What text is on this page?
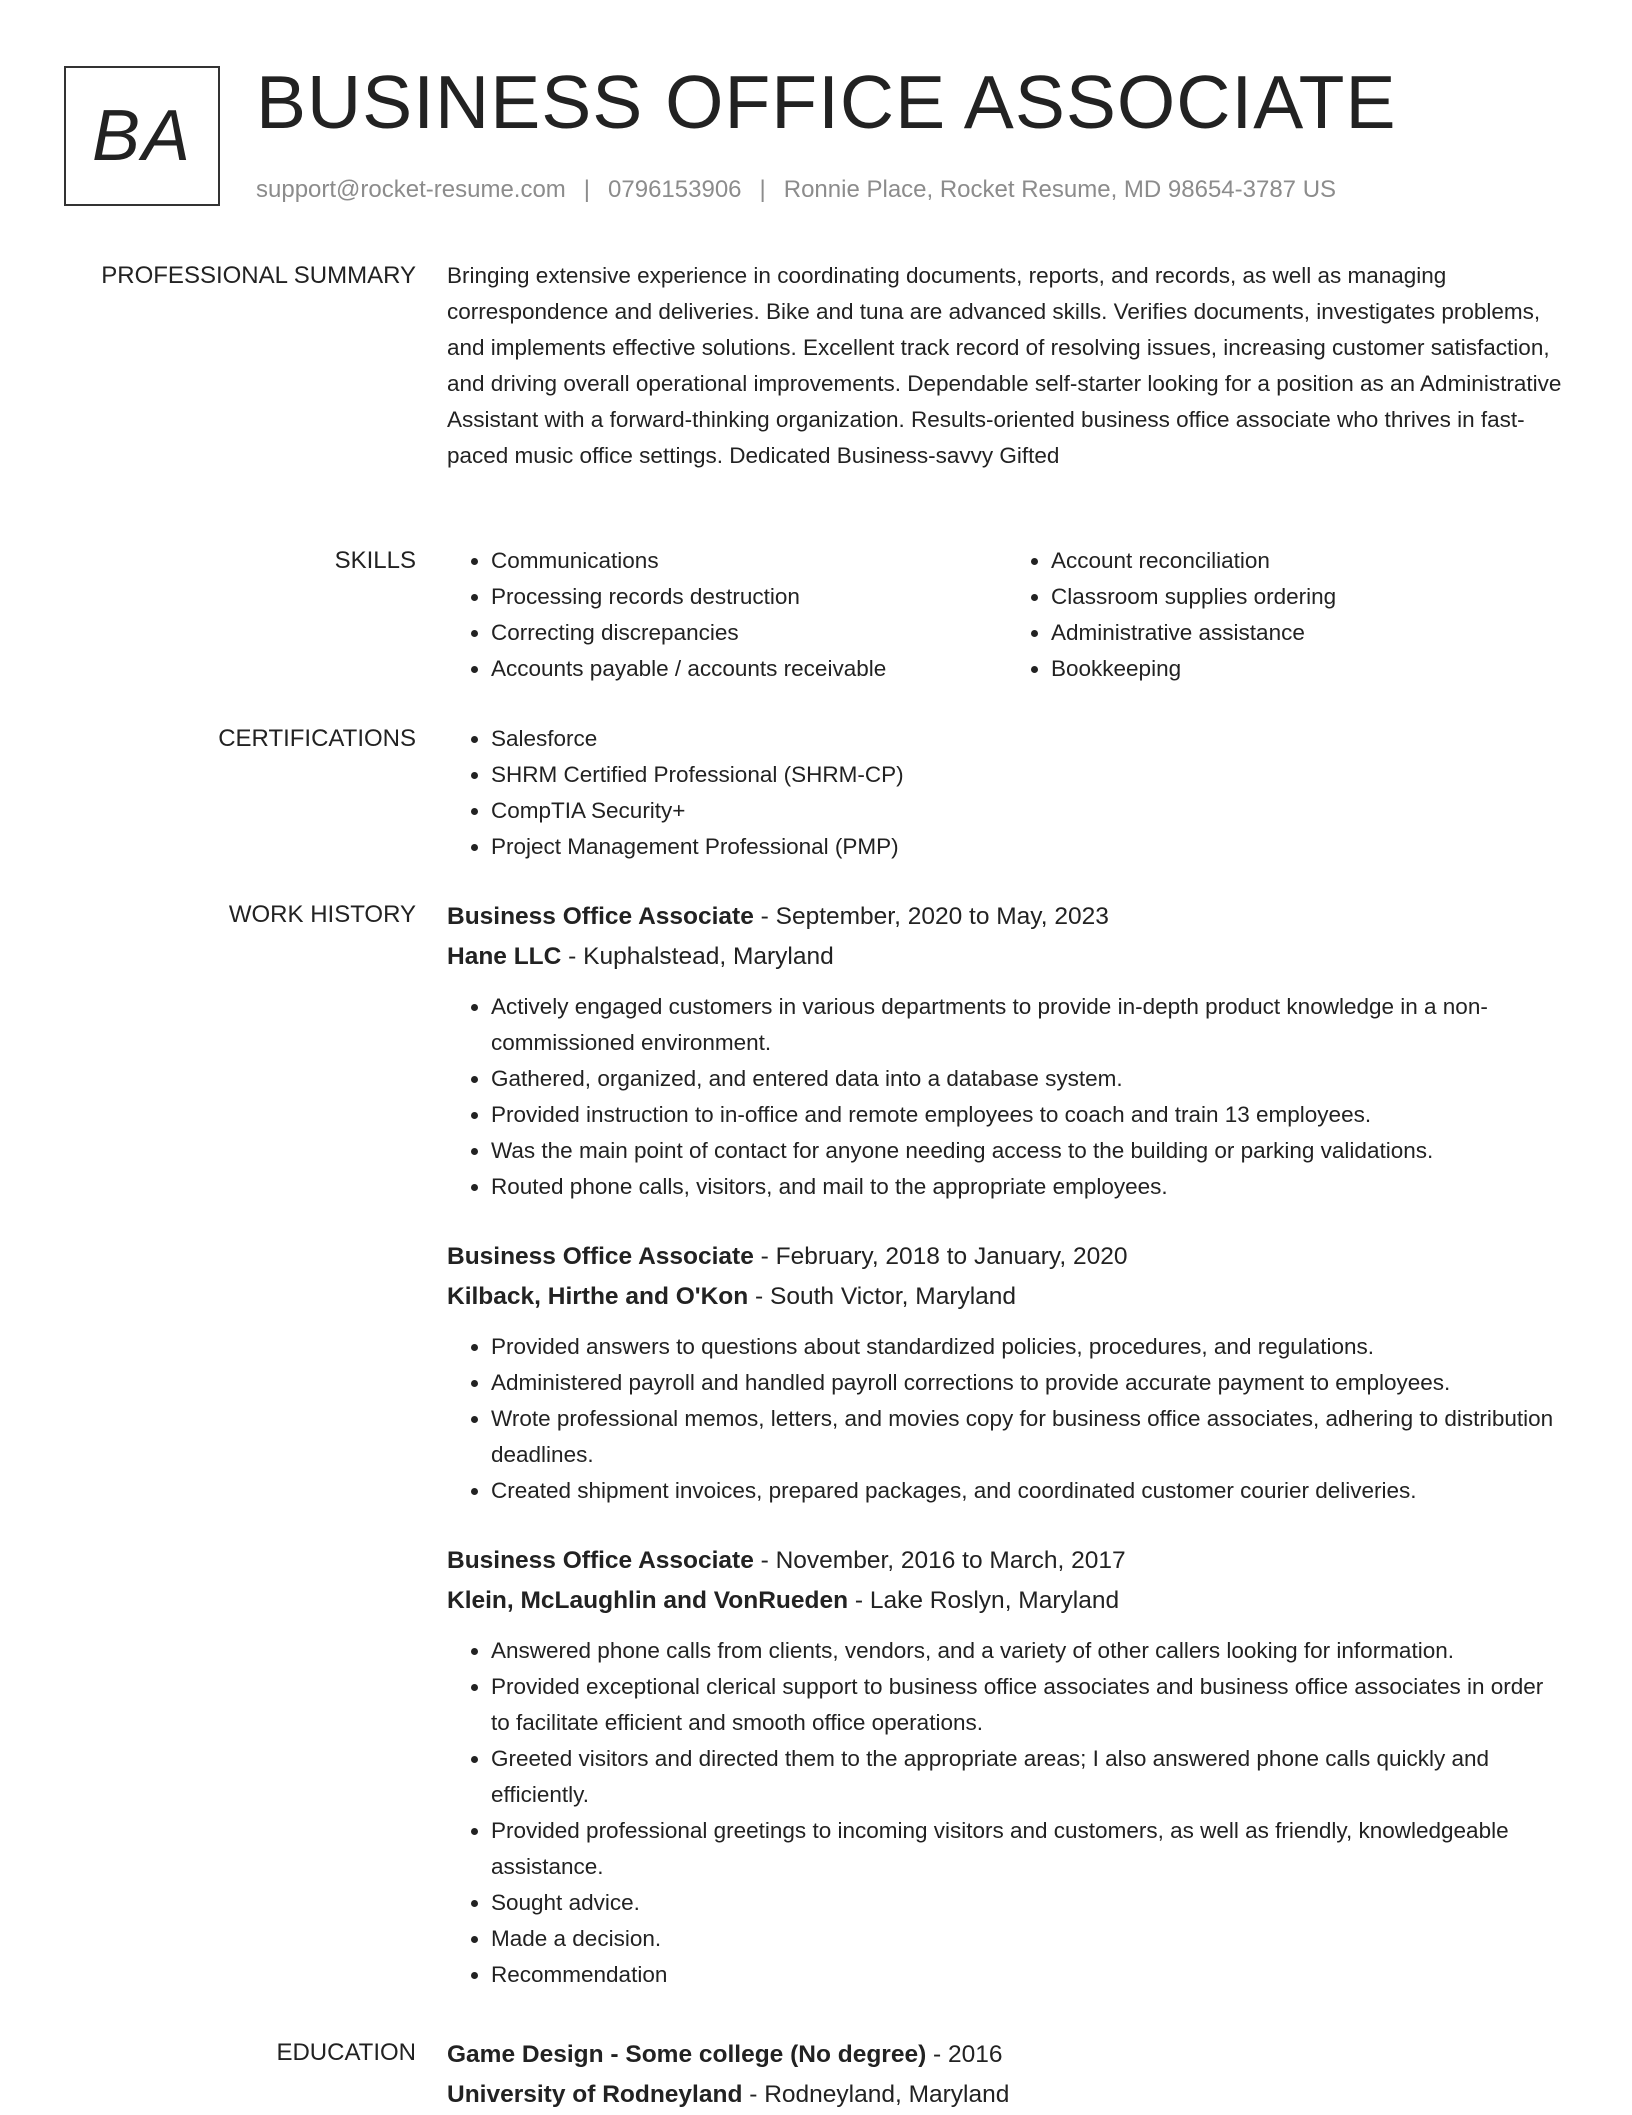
BA BUSINESS OFFICE ASSOCIATE
support@rocket-resume.com | 0796153906 | Ronnie Place, Rocket Resume, MD 98654-3787 US
PROFESSIONAL SUMMARY Bringing extensive experience in coordinating documents, reports, and records, as well as managing correspondence and deliveries. Bike and tuna are advanced skills. Verifies documents, investigates problems, and implements effective solutions. Excellent track record of resolving issues, increasing customer satisfaction, and driving overall operational improvements. Dependable self-starter looking for a position as an Administrative Assistant with a forward-thinking organization. Results-oriented business office associate who thrives in fast-paced music office settings. Dedicated Business-savvy Gifted

SKILLS	• Communications
• Processing records destruction
• Correcting discrepancies
• Accounts payable / accounts receivable
• Account reconciliation
• Classroom supplies ordering
• Administrative assistance
• Bookkeeping
CERTIFICATIONS	• Salesforce
• SHRM Certified Professional (SHRM-CP)
• CompTIA Security+
• Project Management Professional (PMP)
WORK HISTORY Business Office Associate - September, 2020 to May, 2023
Hane LLC - Kuphalstead, Maryland
• Actively engaged customers in various departments to provide in-depth product knowledge in a non-commissioned environment.
• Gathered, organized, and entered data into a database system.
• Provided instruction to in-office and remote employees to coach and train 13 employees.
• Was the main point of contact for anyone needing access to the building or parking validations.
• Routed phone calls, visitors, and mail to the appropriate employees.
Business Office Associate - February, 2018 to January, 2020
Kilback, Hirthe and O'Kon - South Victor, Maryland
• Provided answers to questions about standardized policies, procedures, and regulations.
• Administered payroll and handled payroll corrections to provide accurate payment to employees.
• Wrote professional memos, letters, and movies copy for business office associates, adhering to distribution deadlines.
• Created shipment invoices, prepared packages, and coordinated customer courier deliveries.
Business Office Associate - November, 2016 to March, 2017
Klein, McLaughlin and VonRueden - Lake Roslyn, Maryland
• Answered phone calls from clients, vendors, and a variety of other callers looking for information.
• Provided exceptional clerical support to business office associates and business office associates in order to facilitate efficient and smooth office operations.
• Greeted visitors and directed them to the appropriate areas; I also answered phone calls quickly and efficiently.
• Provided professional greetings to incoming visitors and customers, as well as friendly, knowledgeable assistance.
• Sought advice.
• Made a decision.
• Recommendation
EDUCATION Game Design - Some college (No degree) - 2016
University of Rodneyland - Rodneyland, Maryland
